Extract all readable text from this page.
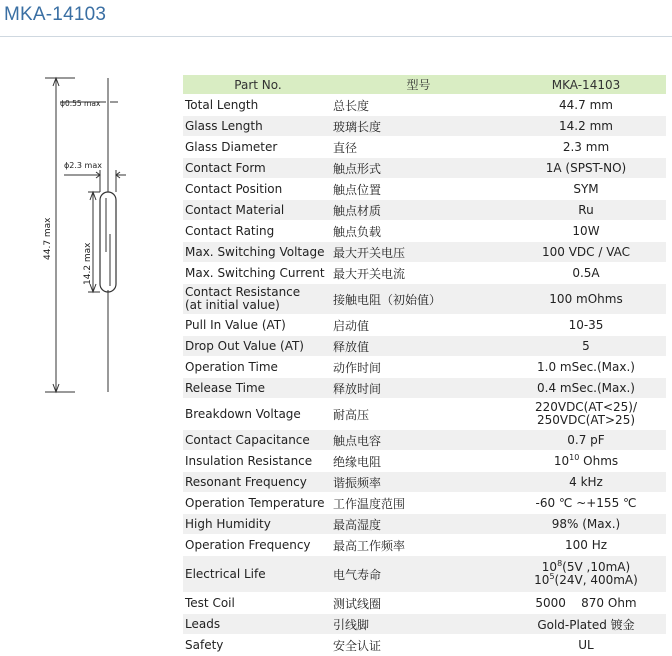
MKA-14103
ϕ0.55 max
ϕ2.3 max
44.7 max
14.2 max
Part No.	型号	MKA-14103
Total Length	总长度	44.7 mm
Glass Length	玻璃长度	14.2 mm
Glass Diameter	直径	2.3 mm
Contact Form	触点形式	1A (SPST-NO)
Contact Position	触点位置	SYM
Contact Material	触点材质	Ru
Contact Rating	触点负载	10W
Max. Switching Voltage	最大开关电压	100 VDC / VAC
Max. Switching Current	最大开关电流	0.5A

Contact Resistance
(at initial value)	接触电阻（初始值）	100 mOhms
Pull In Value (AT)	启动值	10-35
Drop Out Value (AT)	释放值	5
Operation Time	动作时间	1.0 mSec.(Max.)
Release Time	释放时间	0.4 mSec.(Max.)
Breakdown Voltage	耐高压	220VDC(AT<25)/
250VDC(AT>25)

Contact Capacitance	触点电容	0.7 pF
Insulation Resistance	绝缘电阻	$10^{10}$ Ohms
Resonant Frequency	谐振频率	4 kHz
Operation Temperature	工作温度范围	-60 ℃ ~+155 ℃
High Humidity	最高湿度	98% (Max.)
Operation Frequency	最高工作频率	100 Hz
Electrical Life	电气寿命	$10^8(5V$ ,10mA)
$10^5(24V$, 400mA)

Test Coil	测试线圈	5000    870 Ohm
Leads	引线脚	Gold-Plated 镀金
Safety	安全认证	UL
